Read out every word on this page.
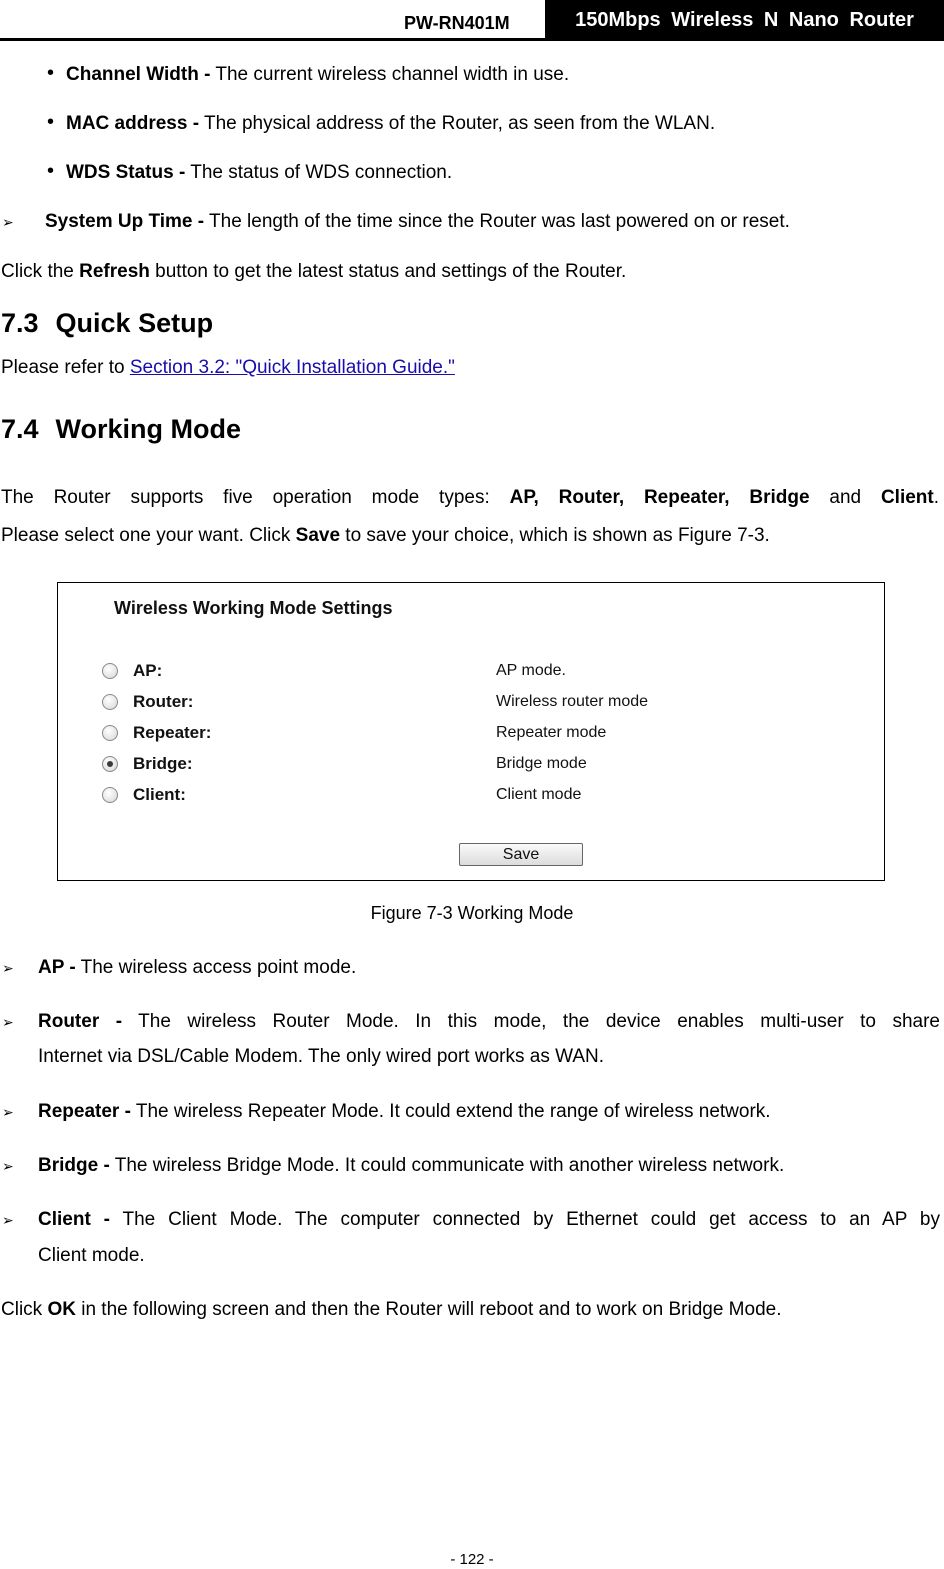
PW-RN401M	150Mbps Wireless N Nano Router
• Channel Width - The current wireless channel width in use.
• MAC address - The physical address of the Router, as seen from the WLAN.
• WDS Status - The status of WDS connection.
➢ System Up Time - The length of the time since the Router was last powered on or reset.
Click the Refresh button to get the latest status and settings of the Router.
7.3 Quick Setup
Please refer to Section 3.2: "Quick Installation Guide."
7.4 Working Mode
The Router supports five operation mode types: AP, Router, Repeater, Bridge and Client.
Please select one your want. Click Save to save your choice, which is shown as Figure 7-3.
Wireless Working Mode Settings
AP:	AP mode.
Router:	Wireless router mode
Repeater:	Repeater mode
Bridge:	Bridge mode
Client:	Client mode
Save
Figure 7-3 Working Mode
➢ AP - The wireless access point mode.
➢ Router - The wireless Router Mode. In this mode, the device enables multi-user to share
Internet via DSL/Cable Modem. The only wired port works as WAN.
➢ Repeater - The wireless Repeater Mode. It could extend the range of wireless network.
➢ Bridge - The wireless Bridge Mode. It could communicate with another wireless network.
➢ Client - The Client Mode. The computer connected by Ethernet could get access to an AP by
Client mode.
Click OK in the following screen and then the Router will reboot and to work on Bridge Mode.
- 122 -
